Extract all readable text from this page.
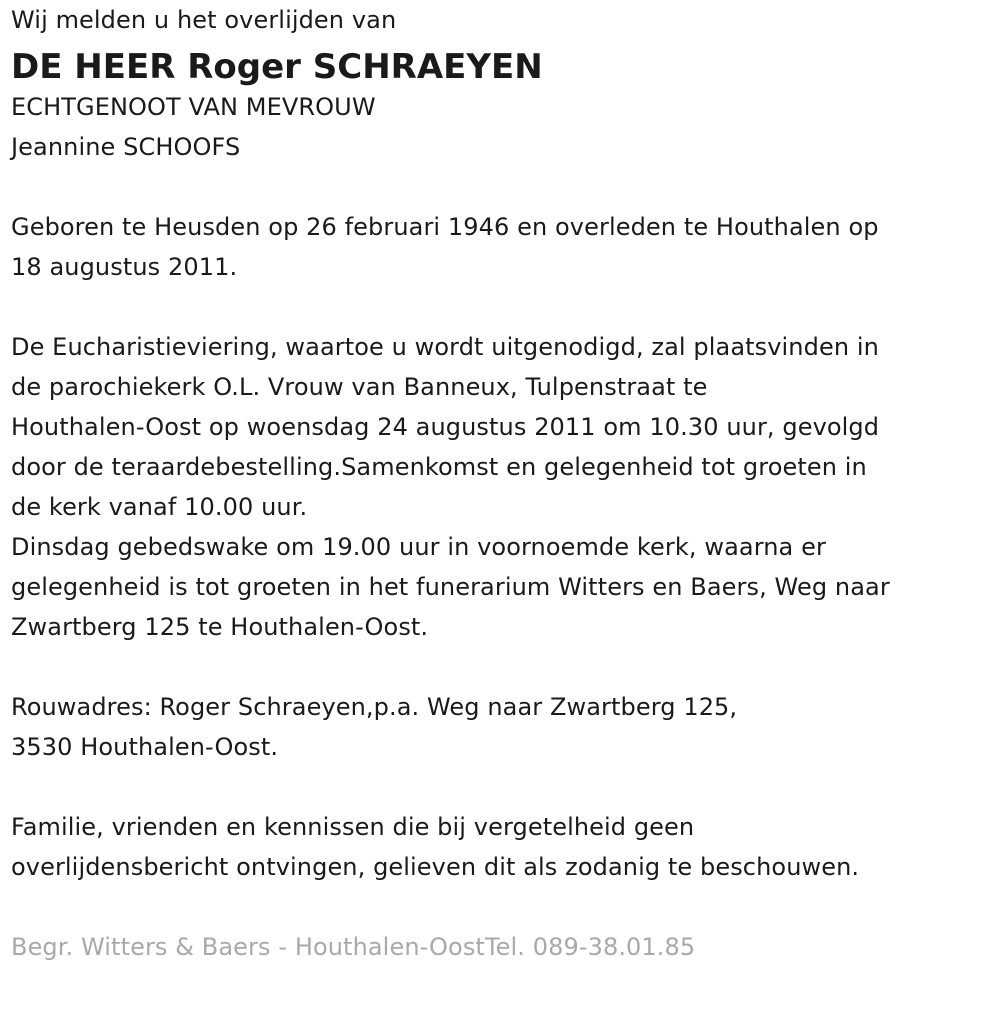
Wij melden u het overlijden van
DE HEER Roger SCHRAEYEN
ECHTGENOOT VAN MEVROUW
Jeannine SCHOOFS
Geboren te Heusden op 26 februari 1946 en overleden te Houthalen op
18 augustus 2011.
De Eucharistieviering, waartoe u wordt uitgenodigd, zal plaatsvinden in
de parochiekerk O.L. Vrouw van Banneux, Tulpenstraat te
Houthalen-Oost op woensdag 24 augustus 2011 om 10.30 uur, gevolgd
door de teraardebestelling.Samenkomst en gelegenheid tot groeten in
de kerk vanaf 10.00 uur.
Dinsdag gebedswake om 19.00 uur in voornoemde kerk, waarna er
gelegenheid is tot groeten in het funerarium Witters en Baers, Weg naar
Zwartberg 125 te Houthalen-Oost.
Rouwadres: Roger Schraeyen,p.a. Weg naar Zwartberg 125,
3530 Houthalen-Oost.
Familie, vrienden en kennissen die bij vergetelheid geen
overlijdensbericht ontvingen, gelieven dit als zodanig te beschouwen.
Begr. Witters & Baers - Houthalen-OostTel. 089-38.01.85
